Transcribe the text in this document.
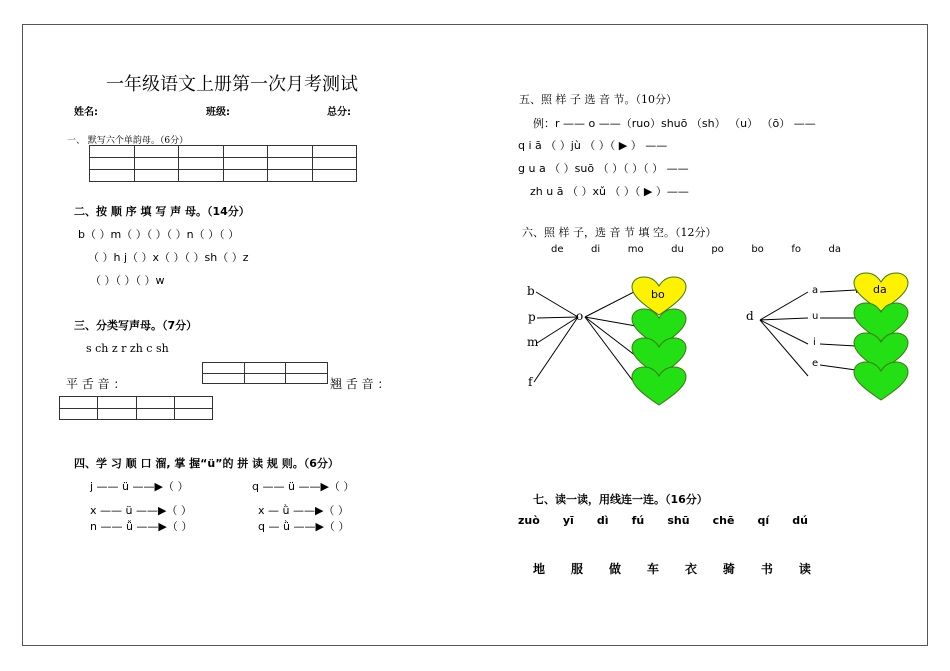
一年级语文上册第一次月考测试
姓名:	班级:	总分:
一、 默写六个单韵母。（6分）

二、按 顺 序 填 写 声 母。（14分）
b（ ）m（ ）（ ）（ ）n（ ）（ ）
（ ）h j（ ）x（ ）（ ）sh（ ）z
（ ）（ ）（ ）w
三、分类写声母。（7分）
s ch z r zh c sh
平 舌 音 ：

			翘 舌 音 ：

四、学 习 顺 口 溜, 掌 握“ü”的 拼 读 规 则。（6分）
j —— ü ——▶（ ）	q —— ü ——▶（ ）
x —— ü ——▶（ ）	x — ǜ ——▶（ ）
n —— ǚ ——▶（ ）	q — ǜ ——▶（ ）
五、照 样 子 选 音 节。（10分）
例：r —— o ——（ruo）shuō （sh） （u） （ō） ——
q i ā （ ）jù （ ）（ ▶ ） ——
g u a （ ）suō （ ）（ ）（ ） ——
zh u ā （ ）xǔ （ ）（ ▶ ）——
六、照 样 子，选 音 节 填 空。（12分）
de	di	mo	du	po	bo	fo	da
b
p
m
f
o	d
a
u
i
e
bo	da
七、读一读，用线连一连。（16分）
zuò yī dì fú shū chē qí dú
地 服 做 车 衣 骑 书 读
